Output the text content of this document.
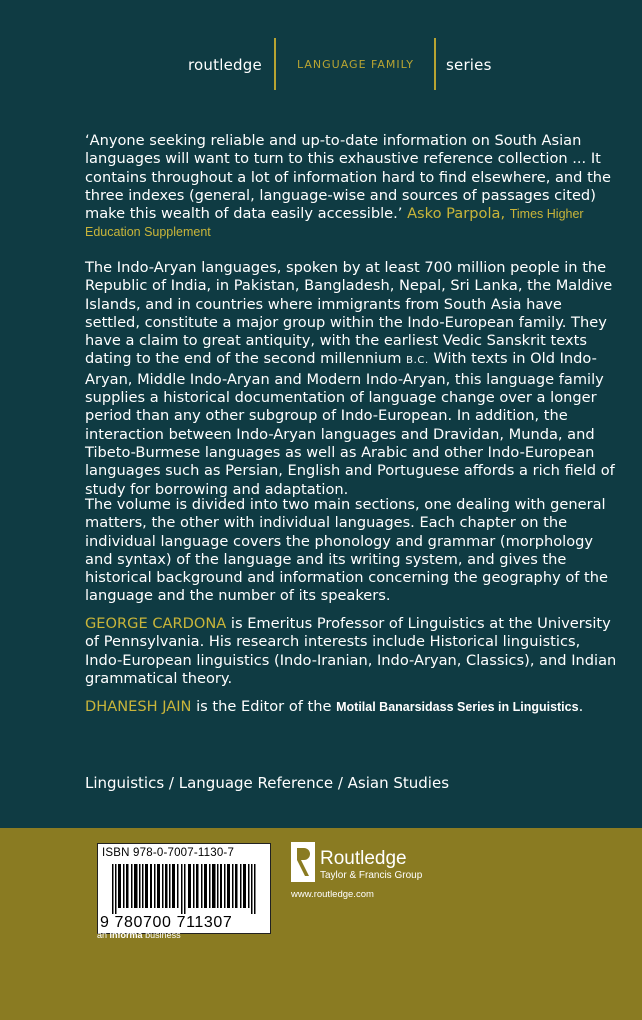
routledge	LANGUAGE FAMILY series

‘Anyone seeking reliable and up-to-date information on South Asian languages will want to turn to this exhaustive reference collection ... It contains throughout a lot of information hard to find elsewhere, and the three indexes (general, language-wise and sources of passages cited) make this wealth of data easily accessible.’ Asko Parpola, Times Higher Education Supplement

The Indo-Aryan languages, spoken by at least 700 million people in the Republic of India, in Pakistan, Bangladesh, Nepal, Sri Lanka, the Maldive Islands, and in countries where immigrants from South Asia have settled, constitute a major group within the Indo-European family. They have a claim to great antiquity, with the earliest Vedic Sanskrit texts dating to the end of the second millennium B.C. With texts in Old Indo-Aryan, Middle Indo-Aryan and Modern Indo-Aryan, this language family supplies a historical documentation of language change over a longer period than any other subgroup of Indo-European. In addition, the interaction between Indo-Aryan languages and Dravidan, Munda, and Tibeto-Burmese languages as well as Arabic and other Indo-European languages such as Persian, English and Portuguese affords a rich field of study for borrowing and adaptation.

The volume is divided into two main sections, one dealing with general matters, the other with individual languages. Each chapter on the individual language covers the phonology and grammar (morphology and syntax) of the language and its writing system, and gives the historical background and information concerning the geography of the language and the number of its speakers.

GEORGE CARDONA is Emeritus Professor of Linguistics at the University of Pennsylvania. His research interests include Historical linguistics, Indo-European linguistics (Indo-Iranian, Indo-Aryan, Classics), and Indian grammatical theory.

DHANESH JAIN is the Editor of the Motilal Banarsidass Series in Linguistics.

Linguistics / Language Reference / Asian Studies
ISBN 978-0-7007-1130-7
9 780700 711307
an informa business
Routledge
Taylor & Francis Group
www.routledge.com
